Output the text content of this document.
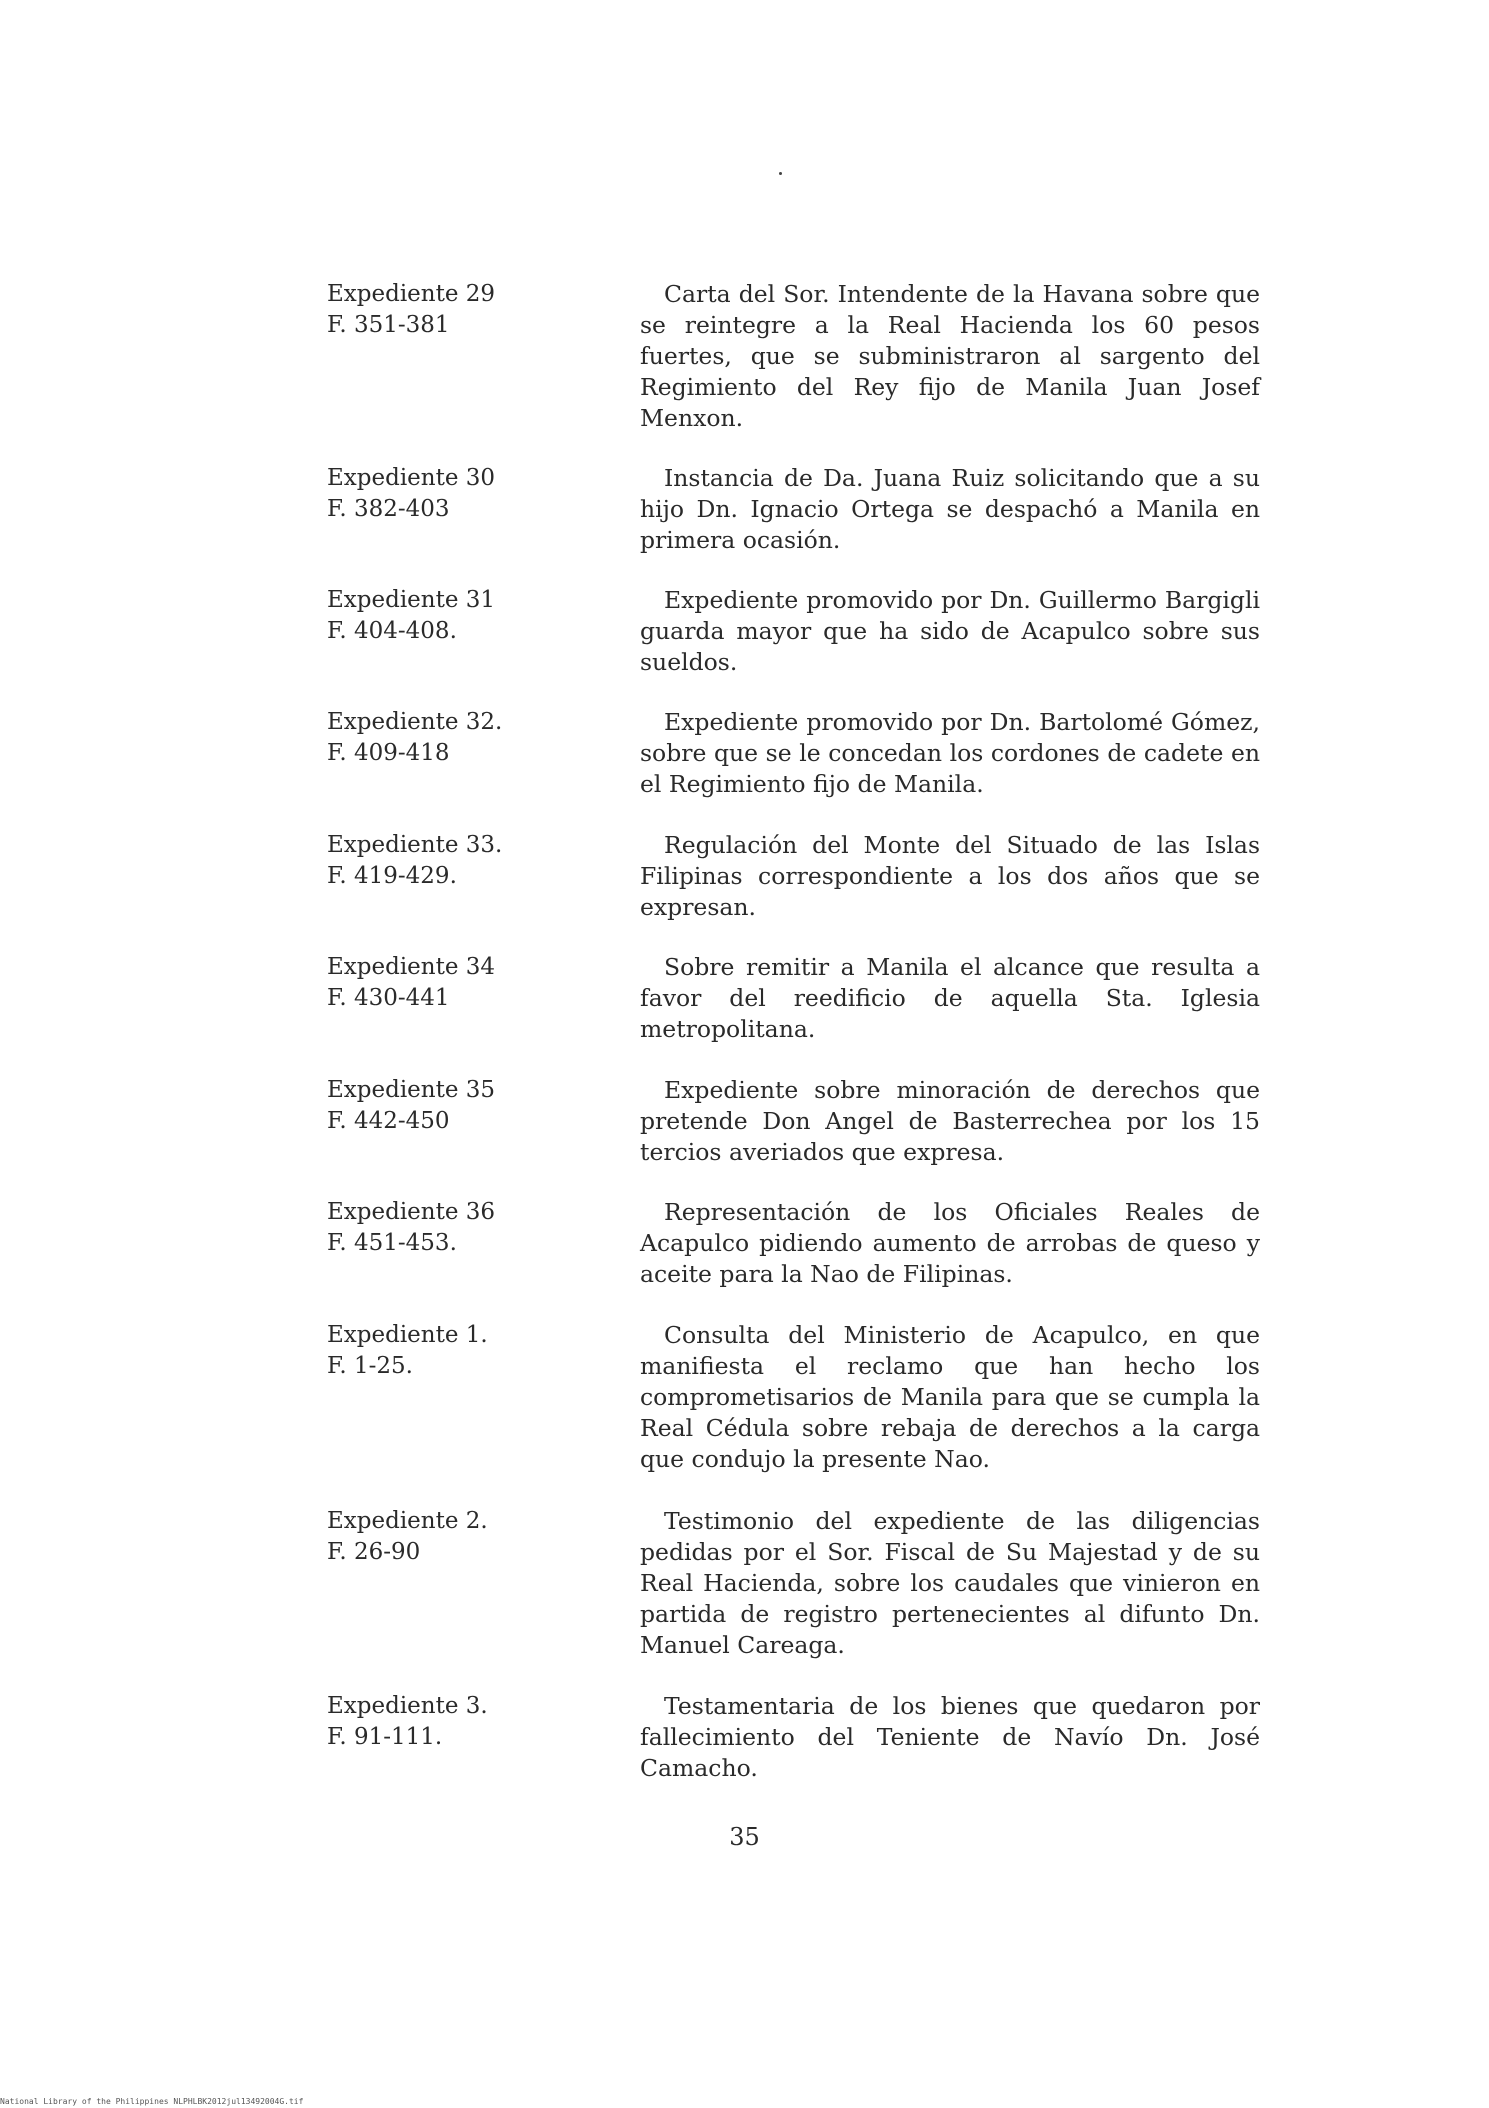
Expediente 29
F. 351-381
Carta del Sor. Intendente de la Havana sobre que se reintegre a la Real Hacienda los 60 pesos fuertes, que se subministraron al sargento del Regimiento del Rey fijo de Manila Juan Josef Menxon.
Expediente 30
F. 382-403
Instancia de Da. Juana Ruiz solicitando que a su hijo Dn. Ignacio Ortega se despachó a Manila en primera ocasión.
Expediente 31
F. 404-408.
Expediente promovido por Dn. Guillermo Bargigli guarda mayor que ha sido de Acapulco sobre sus sueldos.
Expediente 32.
F. 409-418
Expediente promovido por Dn. Bartolomé Gómez, sobre que se le concedan los cordones de cadete en el Regimiento fijo de Manila.
Expediente 33.
F. 419-429.
Regulación del Monte del Situado de las Islas Filipinas correspondiente a los dos años que se expresan.
Expediente 34
F. 430-441
Sobre remitir a Manila el alcance que resulta a favor del reedificio de aquella Sta. Iglesia metropolitana.
Expediente 35
F. 442-450
Expediente sobre minoración de derechos que pretende Don Angel de Basterrechea por los 15 tercios averiados que expresa.
Expediente 36
F. 451-453.
Representación de los Oficiales Reales de Acapulco pidiendo aumento de arrobas de queso y aceite para la Nao de Filipinas.
Expediente 1.
F. 1-25.
Consulta del Ministerio de Acapulco, en que manifiesta el reclamo que han hecho los comprometisarios de Manila para que se cumpla la Real Cédula sobre rebaja de derechos a la carga que condujo la presente Nao.
Expediente 2.
F. 26-90
Testimonio del expediente de las diligencias pedidas por el Sor. Fiscal de Su Majestad y de su Real Hacienda, sobre los caudales que vinieron en partida de registro pertenecientes al difunto Dn. Manuel Careaga.
Expediente 3.
F. 91-111.
Testamentaria de los bienes que quedaron por fallecimiento del Teniente de Navío Dn. José Camacho.
35
National Library of the Philippines NLPHLBK2012jul13492004G.tif
